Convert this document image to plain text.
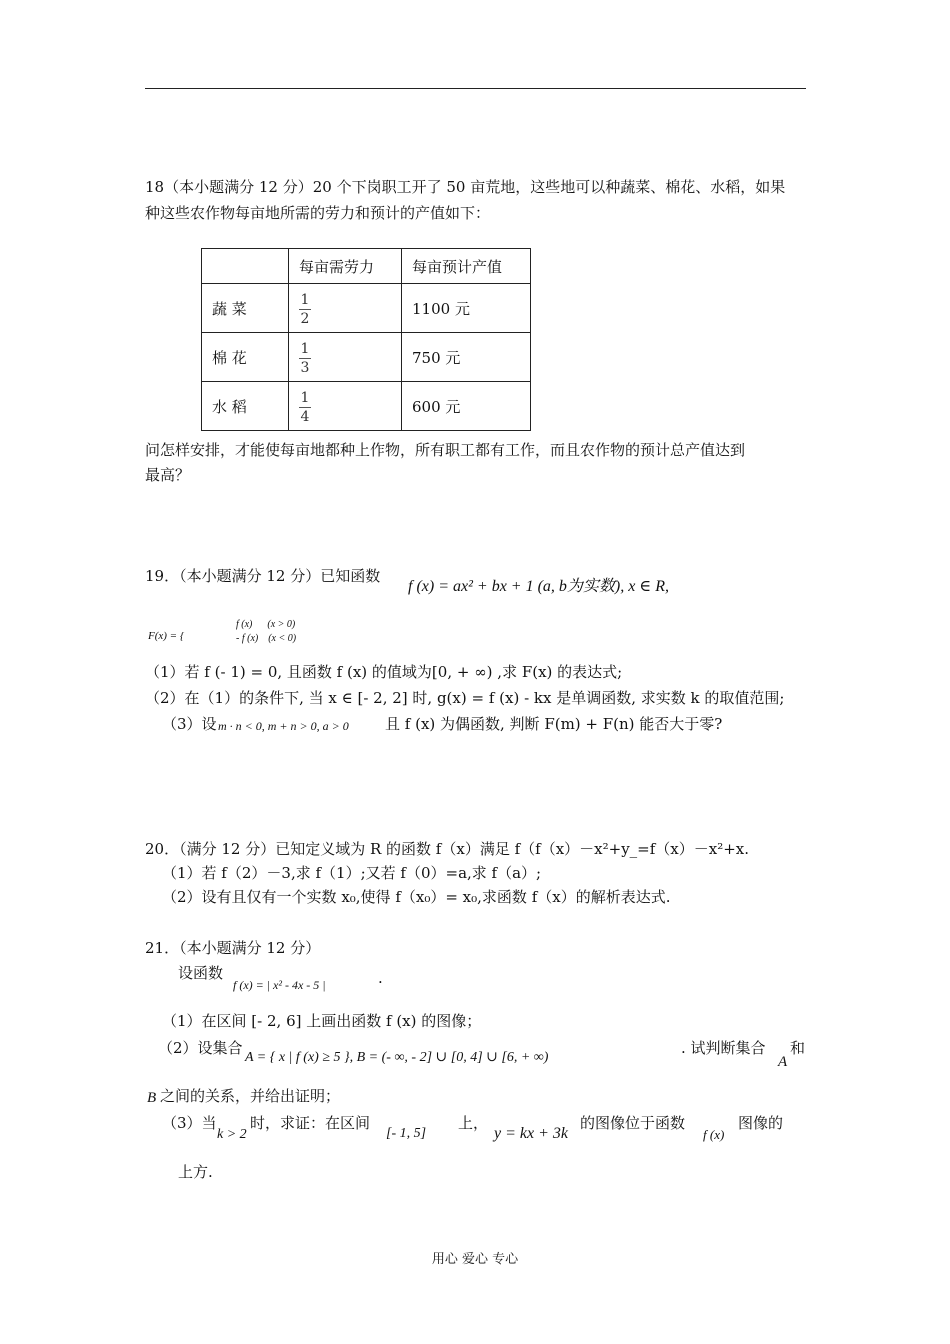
18（本小题满分 12 分）20 个下岗职工开了 50 亩荒地，这些地可以种蔬菜、棉花、水稻，如果
种这些农作物每亩地所需的劳力和预计的产值如下：
	每亩需劳力	每亩预计产值
蔬 菜	$\frac{1}{2}$	1100 元
棉 花	$\frac{1}{3}$	750 元
水 稻	$\frac{1}{4}$	600 元
问怎样安排，才能使每亩地都种上作物，所有职工都有工作，而且农作物的预计总产值达到
最高？
19．（本小题满分 12 分）已知函数
f (x) = ax² + bx + 1 (a, b为实数), x ∈ R,
F(x) = {
f (x)      (x > 0)
- f (x)    (x < 0)
（1）若 f (- 1) = 0, 且函数 f (x) 的值域为[0, + ∞) ,求 F(x) 的表达式;
（2）在（1）的条件下, 当 x ∈ [- 2, 2] 时, g(x) = f (x) - kx 是单调函数, 求实数 k 的取值范围;
（3）设 m · n < 0, m + n > 0, a > 0 且 f (x) 为偶函数, 判断 F(m) + F(n) 能否大于零?
20．（满分 12 分）已知定义域为 R 的函数 f（x）满足 f（f（x）－x²+y_=f（x）－x²+x.
（1）若 f（2）－3,求 f（1）;又若 f（0）=a,求 f（a）;
（2）设有且仅有一个实数 x₀,使得 f（x₀）= x₀,求函数 f（x）的解析表达式.
21．（本小题满分 12 分）
设函数
f (x) = | x² - 4x - 5 |	.
（1）在区间 [- 2, 6] 上画出函数 f (x) 的图像；
（2）设集合
A = { x | f (x) ≥ 5 }, B = (- ∞, - 2] ∪ [0, 4] ∪ [6, + ∞)
. 试判断集合
A
和
B 之间的关系，并给出证明；
（3）当
k > 2
时，求证：在区间
[- 1, 5]
上，
y = kx + 3k
的图像位于函数
f (x)
图像的
上方.
用心 爱心 专心
